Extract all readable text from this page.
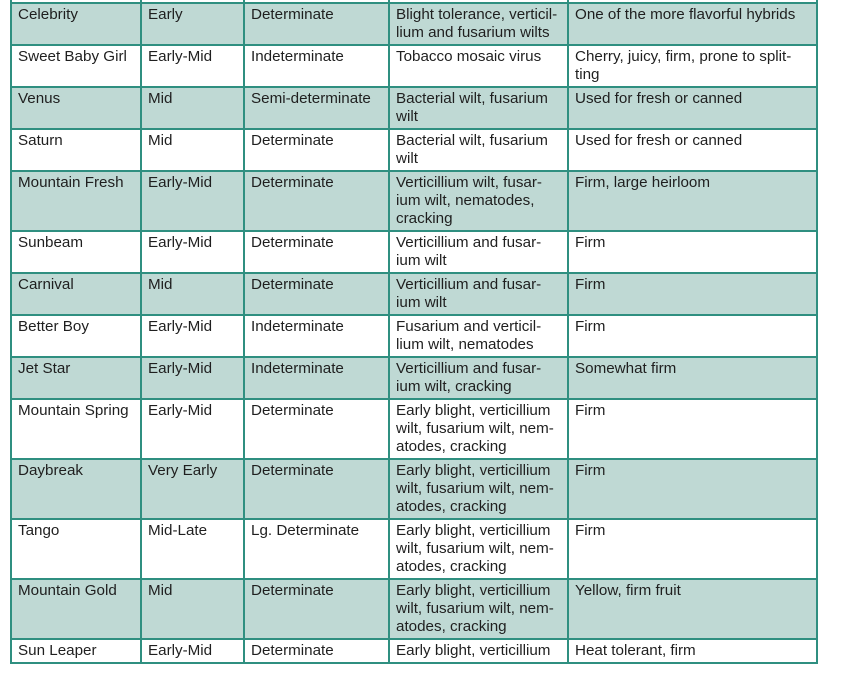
Celebrity	Early	Determinate	Blight tolerance, verticil-lium and fusarium wilts	One of the more flavorful hybrids
Sweet Baby Girl	Early-Mid	Indeterminate	Tobacco mosaic virus	Cherry, juicy, firm, prone to split-ting
Venus	Mid	Semi-determinate	Bacterial wilt, fusarium wilt	Used for fresh or canned
Saturn	Mid	Determinate	Bacterial wilt, fusarium wilt	Used for fresh or canned
Mountain Fresh	Early-Mid	Determinate	Verticillium wilt, fusar-ium wilt, nematodes, cracking	Firm, large heirloom
Sunbeam	Early-Mid	Determinate	Verticillium and fusar-ium wilt	Firm
Carnival	Mid	Determinate	Verticillium and fusar-ium wilt	Firm
Better Boy	Early-Mid	Indeterminate	Fusarium and verticil-lium wilt, nematodes	Firm
Jet Star	Early-Mid	Indeterminate	Verticillium and fusar-ium wilt, cracking	Somewhat firm
Mountain Spring	Early-Mid	Determinate	Early blight, verticillium wilt, fusarium wilt, nem-atodes, cracking	Firm
Daybreak	Very Early	Determinate	Early blight, verticillium wilt, fusarium wilt, nem-atodes, cracking	Firm
Tango	Mid-Late	Lg. Determinate	Early blight, verticillium wilt, fusarium wilt, nem-atodes, cracking	Firm
Mountain Gold	Mid	Determinate	Early blight, verticillium wilt, fusarium wilt, nem-atodes, cracking	Yellow, firm fruit
Sun Leaper	Early-Mid	Determinate	Early blight, verticillium	Heat tolerant, firm
